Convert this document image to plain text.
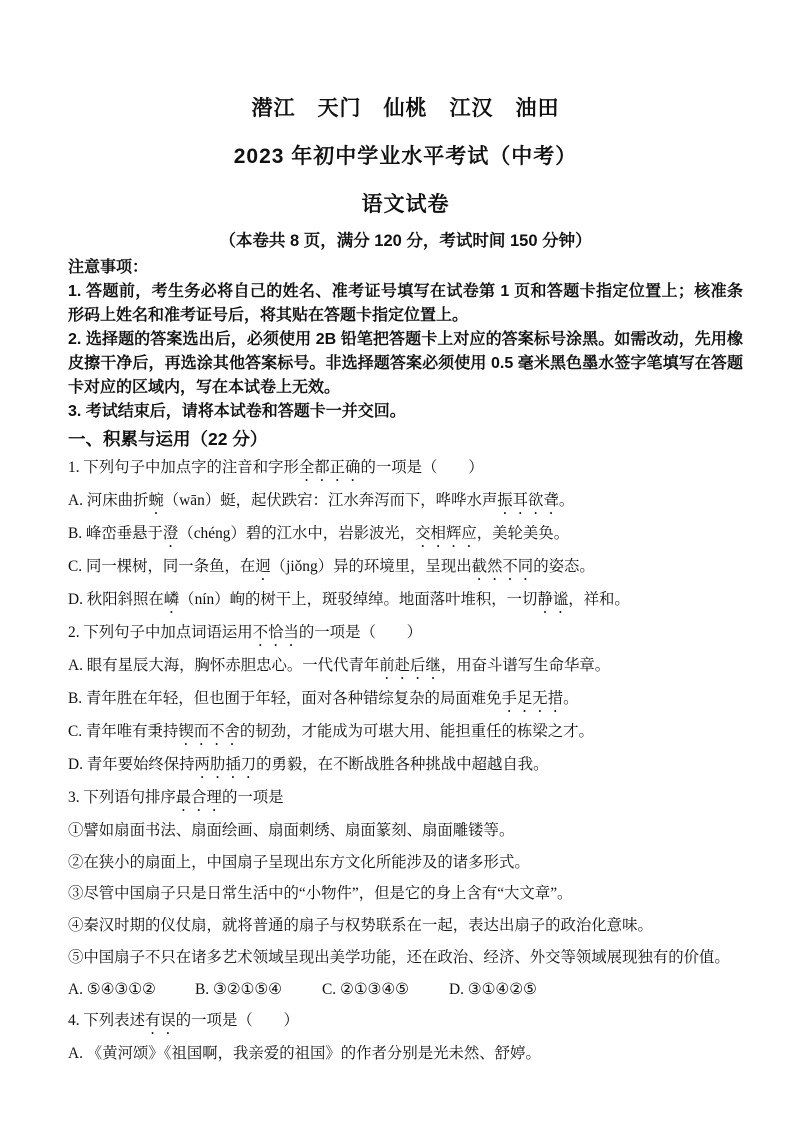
潜江　天门　仙桃　江汉　油田
2023 年初中学业水平考试（中考）
语文试卷
（本卷共 8 页，满分 120 分，考试时间 150 分钟）

注意事项：

1. 答题前，考生务必将自己的姓名、准考证号填写在试卷第 1 页和答题卡指定位置上；核准条形码上姓名和准考证号后，将其贴在答题卡指定位置上。

2. 选择题的答案选出后，必须使用 2B 铅笔把答题卡上对应的答案标号涂黑。如需改动，先用橡皮擦干净后，再选涂其他答案标号。非选择题答案必须使用 0.5 毫米黑色墨水签字笔填写在答题卡对应的区域内，写在本试卷上无效。

3. 考试结束后，请将本试卷和答题卡一并交回。

一、积累与运用（22 分）

1. 下列句子中加点字的注音和字形全都正确的一项是（　　）

A. 河床曲折蜿（wān）蜓，起伏跌宕：江水奔泻而下，哗哗水声振耳欲聋。

B. 峰峦垂悬于澄（chéng）碧的江水中，岩影波光，交相辉应，美轮美奂。

C. 同一棵树，同一条鱼，在迥（jiǒng）异的环境里，呈现出截然不同的姿态。

D. 秋阳斜照在嶙（nín）峋的树干上，斑驳绰绰。地面落叶堆积，一切静谧，祥和。

2. 下列句子中加点词语运用不恰当的一项是（　　）

A. 眼有星辰大海，胸怀赤胆忠心。一代代青年前赴后继，用奋斗谱写生命华章。

B. 青年胜在年轻，但也囿于年轻，面对各种错综复杂的局面难免手足无措。

C. 青年唯有秉持锲而不舍的韧劲，才能成为可堪大用、能担重任的栋梁之才。

D. 青年要始终保持两肋插刀的勇毅，在不断战胜各种挑战中超越自我。

3. 下列语句排序最合理的一项是

①譬如扇面书法、扇面绘画、扇面刺绣、扇面篆刻、扇面雕镂等。

②在狭小的扇面上，中国扇子呈现出东方文化所能涉及的诸多形式。

③尽管中国扇子只是日常生活中的“小物件”，但是它的身上含有“大文章”。

④秦汉时期的仪仗扇，就将普通的扇子与权势联系在一起，表达出扇子的政治化意味。

⑤中国扇子不只在诸多艺术领域呈现出美学功能，还在政治、经济、外交等领域展现独有的价值。

A. ⑤④③①②	B. ③②①⑤④	C. ②①③④⑤	D. ③①④②⑤

4. 下列表述有误的一项是（　　）

A. 《黄河颂》《祖国啊，我亲爱的祖国》的作者分别是光未然、舒婷。
